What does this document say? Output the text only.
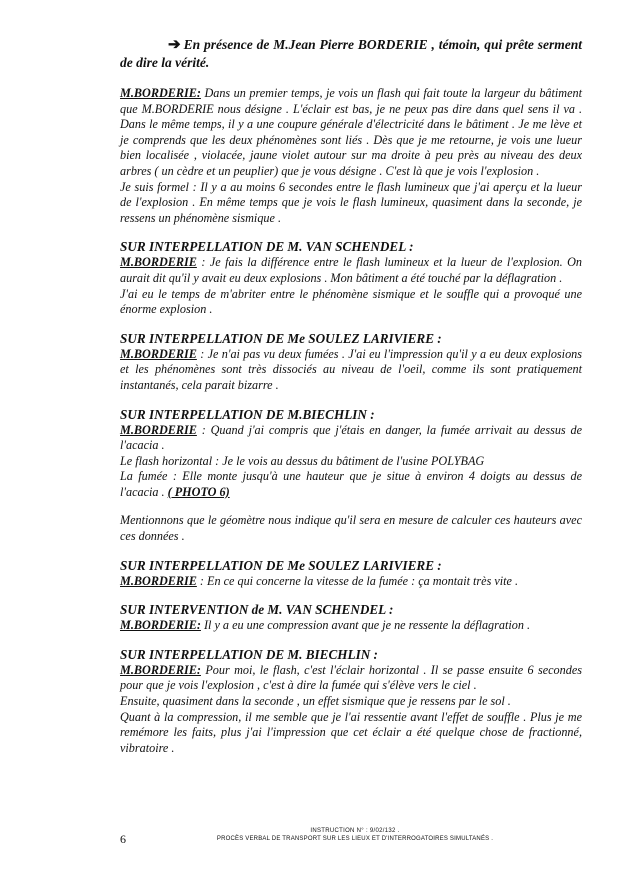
➔ En présence de M.Jean Pierre BORDERIE , témoin, qui prête serment de dire la vérité.

M.BORDERIE: Dans un premier temps, je vois un flash qui fait toute la largeur du bâtiment que M.BORDERIE nous désigne . L'éclair est bas, je ne peux pas dire dans quel sens il va . Dans le même temps, il y a une coupure générale d'électricité dans le bâtiment . Je me lève et je comprends que les deux phénomènes sont liés . Dès que je me retourne, je vois une lueur bien localisée , violacée, jaune violet autour sur ma droite à peu près au niveau des deux arbres ( un cèdre et un peuplier) que je vous désigne . C'est là que je vois l'explosion .

Je suis formel : Il y a au moins 6 secondes entre le flash lumineux que j'ai aperçu et la lueur de l'explosion . En même temps que je vois le flash lumineux, quasiment dans la seconde, je ressens un phénomène sismique .

SUR INTERPELLATION DE M. VAN SCHENDEL :

M.BORDERIE : Je fais la différence entre le flash lumineux et la lueur de l'explosion. On aurait dit qu'il y avait eu deux explosions . Mon bâtiment a été touché par la déflagration .

J'ai eu le temps de m'abriter entre le phénomène sismique et le souffle qui a provoqué une énorme explosion .

SUR INTERPELLATION DE Me SOULEZ LARIVIERE :

M.BORDERIE : Je n'ai pas vu deux fumées . J'ai eu l'impression qu'il y a eu deux explosions et les phénomènes sont très dissociés au niveau de l'oeil, comme ils sont pratiquement instantanés, cela parait bizarre .

SUR INTERPELLATION DE M.BIECHLIN :

M.BORDERIE : Quand j'ai compris que j'étais en danger, la fumée arrivait au dessus de l'acacia .

Le flash horizontal : Je le vois au dessus du bâtiment de l'usine POLYBAG

La fumée : Elle monte jusqu'à une hauteur que je situe à environ 4 doigts au dessus de l'acacia . ( PHOTO 6)

Mentionnons que le géomètre nous indique qu'il sera en mesure de calculer ces hauteurs avec ces données .

SUR INTERPELLATION DE Me SOULEZ LARIVIERE :

M.BORDERIE : En ce qui concerne la vitesse de la fumée : ça montait très vite .

SUR INTERVENTION de M. VAN SCHENDEL :

M.BORDERIE: Il y a eu une compression avant que je ne ressente la déflagration .

SUR INTERPELLATION DE M. BIECHLIN :

M.BORDERIE: Pour moi, le flash, c'est l'éclair horizontal . Il se passe ensuite 6 secondes pour que je vois l'explosion , c'est à dire la fumée qui s'élève vers le ciel .

Ensuite, quasiment dans la seconde , un effet sismique que je ressens par le sol .

Quant à la compression, il me semble que je l'ai ressentie avant l'effet de souffle . Plus je me remémore les faits, plus j'ai l'impression que cet éclair a été quelque chose de fractionné, vibratoire .

6
INSTRUCTION N° : 9/02/132 .
PROCÈS VERBAL DE TRANSPORT SUR LES LIEUX ET D'INTERROGATOIRES SIMULTANÉS .
